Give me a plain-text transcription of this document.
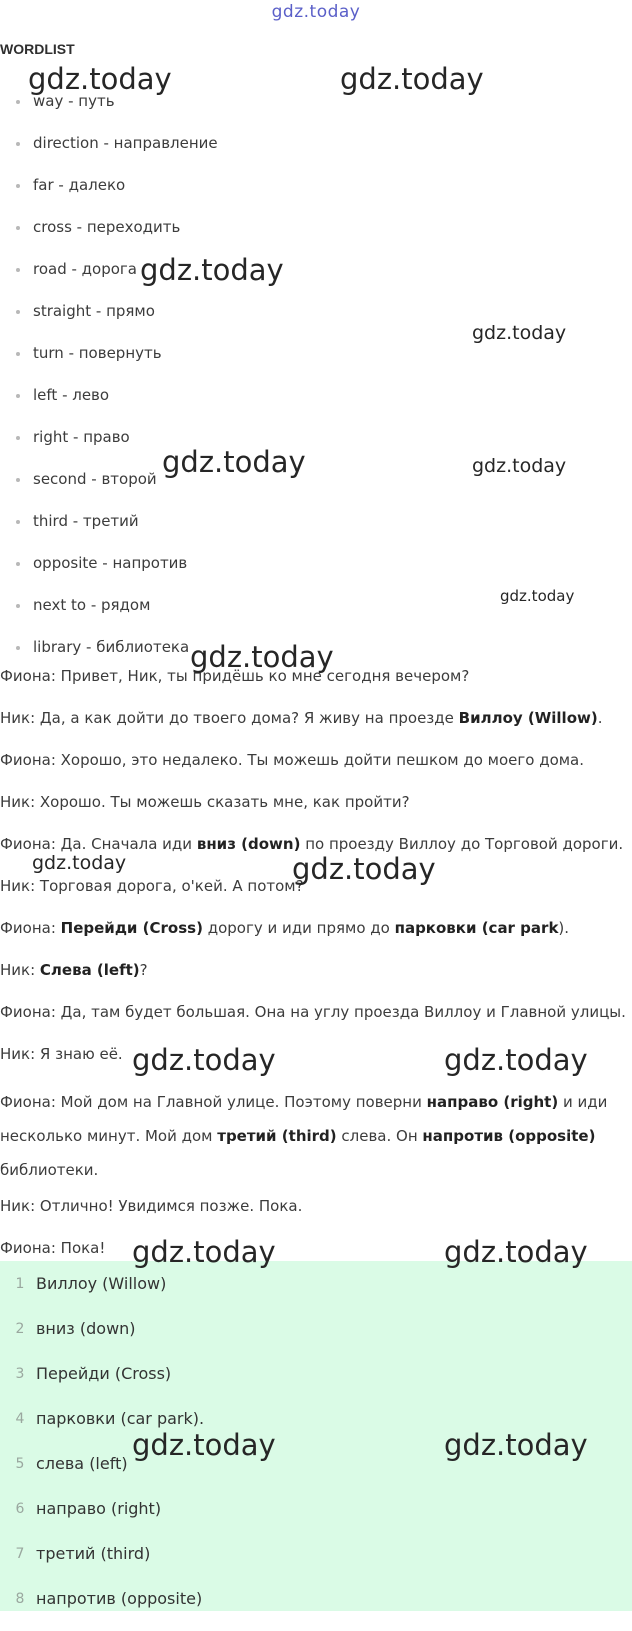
gdz.today
WORDLIST
way - путь
direction - направление
far - далеко
cross - переходить
road - дорога
straight - прямо
turn - повернуть
left - лево
right - право
second - второй
third - третий
opposite - напротив
next to - рядом
library - библиотека

Фиона: Привет, Ник, ты придёшь ко мне сегодня вечером?

Ник: Да, а как дойти до твоего дома? Я живу на проезде Виллоу (Willow).

Фиона: Хорошо, это недалеко. Ты можешь дойти пешком до моего дома.

Ник: Хорошо. Ты можешь сказать мне, как пройти?

Фиона: Да. Сначала иди вниз (down) по проезду Виллоу до Торговой дороги.

Ник: Торговая дорога, о'кей. А потом?

Фиона: Перейди (Cross) дорогу и иди прямо до парковки (car park).

Ник: Слева (left)?

Фиона: Да, там будет большая. Она на углу проезда Виллоу и Главной улицы.

Ник: Я знаю её.

Фиона: Мой дом на Главной улице. Поэтому поверни направо (right) и иди несколько минут. Мой дом третий (third) слева. Он напротив (opposite) библиотеки.

Ник: Отлично! Увидимся позже. Пока.

Фиона: Пока!

1 Виллоу (Willow)
2 вниз (down)
3 Перейди (Cross)
4 парковки (car park).
5 слева (left)
6 направо (right)
7 третий (third)
8 напротив (opposite)
gdz.today	gdz.today
gdz.today
gdz.today
gdz.today	gdz.today
gdz.today
gdz.today
gdz.today	gdz.today
gdz.today	gdz.today
gdz.today	gdz.today
gdz.today	gdz.today
